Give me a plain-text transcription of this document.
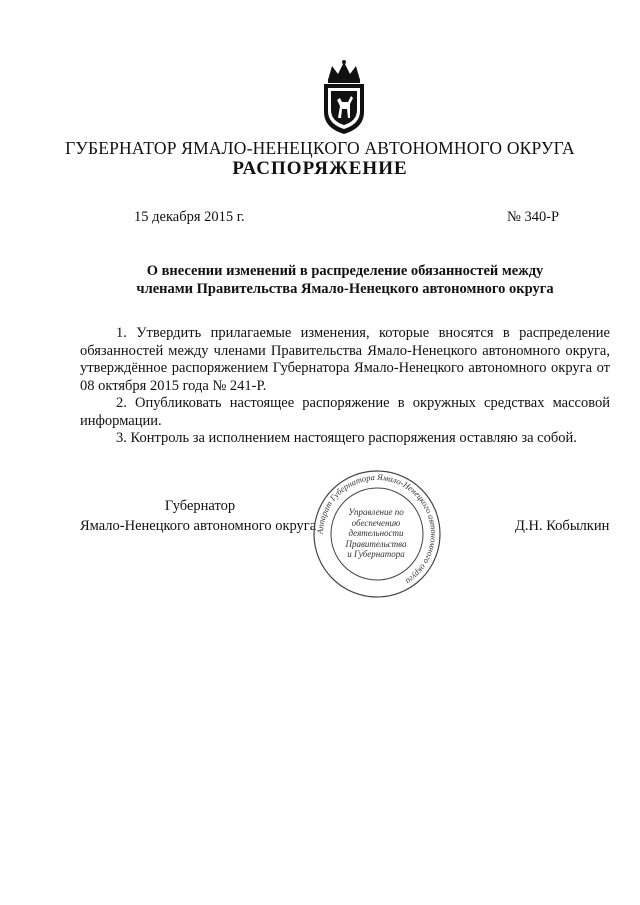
ГУБЕРНАТОР ЯМАЛО-НЕНЕЦКОГО АВТОНОМНОГО ОКРУГА
РАСПОРЯЖЕНИЕ
15 декабря 2015 г.	№ 340-Р
О внесении изменений в распределение обязанностей между
членами Правительства Ямало-Ненецкого автономного округа

1. Утвердить прилагаемые изменения, которые вносятся в распределение обязанностей между членами Правительства Ямало-Ненецкого автономного округа, утверждённое распоряжением Губернатора Ямало-Ненецкого автономного округа от 08 октября 2015 года № 241-Р.

2. Опубликовать настоящее распоряжение в окружных средствах массовой информации.

3. Контроль за исполнением настоящего распоряжения оставляю за собой.

Губернатор
Ямало-Ненецкого автономного округа
Аппарат Губернатора Ямало-Ненецкого автономного округа
Управление по
обеспечению
деятельности
Правительства
и Губернатора
Д.Н. Кобылкин
